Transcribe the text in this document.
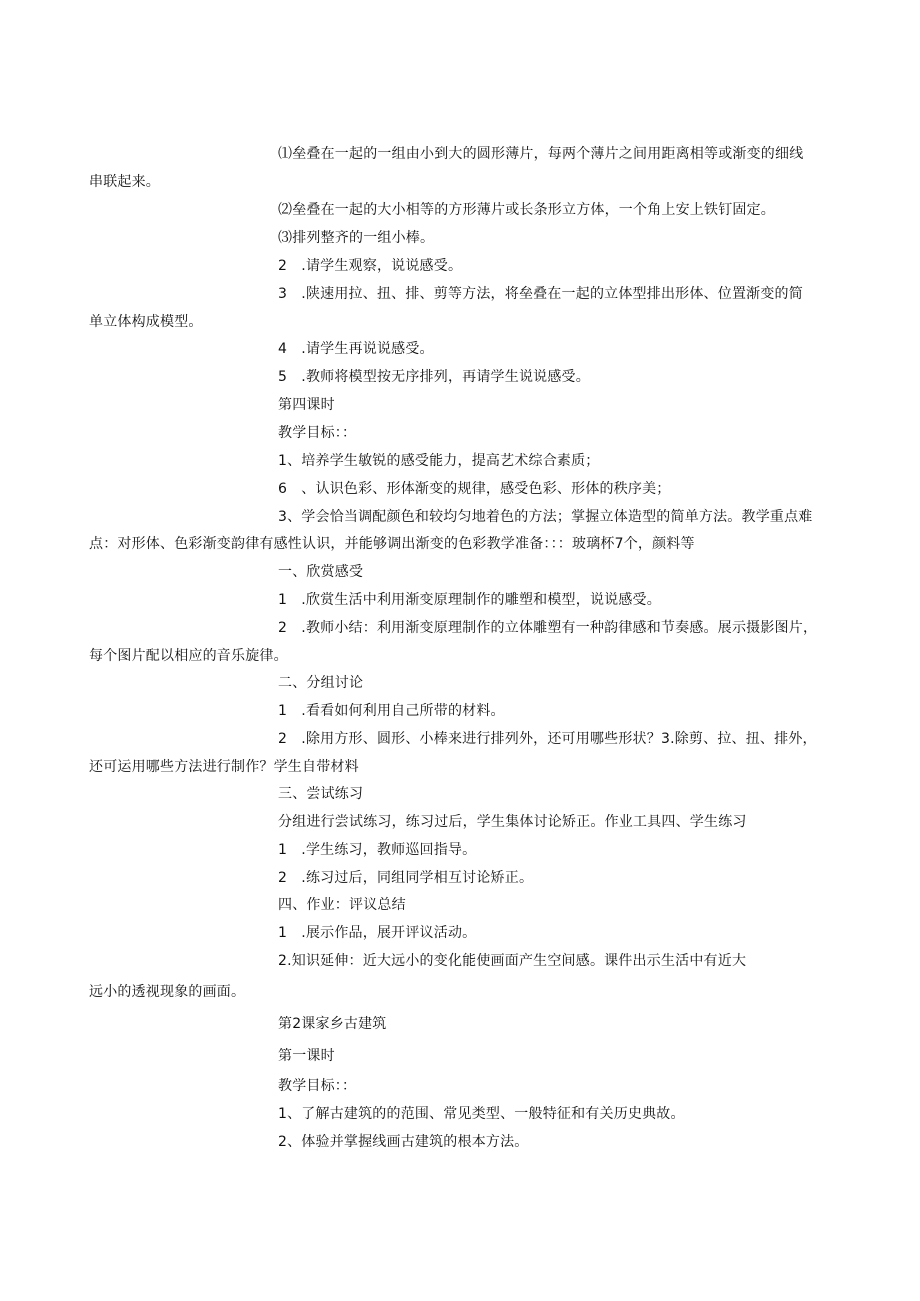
⑴垒叠在一起的一组由小到大的圆形薄片，每两个薄片之间用距离相等或渐变的细线
串联起来。
⑵垒叠在一起的大小相等的方形薄片或长条形立方体，一个角上安上铁钉固定。
⑶排列整齐的一组小棒。
2　.请学生观察，说说感受。
3　.陕速用拉、扭、排、剪等方法，将垒叠在一起的立体型排出形体、位置渐变的简
单立体构成模型。
4　.请学生再说说感受。
5　.教师将模型按无序排列，再请学生说说感受。
第四课时
教学目标：：
1、培养学生敏锐的感受能力，提高艺术综合素质；
6　、认识色彩、形体渐变的规律，感受色彩、形体的秩序美；
3、学会恰当调配颜色和较均匀地着色的方法；掌握立体造型的简单方法。教学重点难
点：对形体、色彩渐变韵律有感性认识，并能够调出渐变的色彩教学准备：：：玻璃杯7个，颜料等
一、欣赏感受
1　.欣赏生活中利用渐变原理制作的雕塑和模型，说说感受。
2　.教师小结：利用渐变原理制作的立体雕塑有一种韵律感和节奏感。展示摄影图片，
每个图片配以相应的音乐旋律。
二、分组讨论
1　.看看如何利用自己所带的材料。
2　.除用方形、圆形、小棒来进行排列外，还可用哪些形状？3.除剪、拉、扭、排外，
还可运用哪些方法进行制作？学生自带材料
三、尝试练习
分组进行尝试练习，练习过后，学生集体讨论矫正。作业工具四、学生练习
1　.学生练习，教师巡回指导。
2　.练习过后，同组同学相互讨论矫正。
四、作业：评议总结
1　.展示作品，展开评议活动。
2.知识延伸：近大远小的变化能使画面产生空间感。课件出示生活中有近大
远小的透视现象的画面。
第2课家乡古建筑
第一课时
教学目标：：
1、了解古建筑的的范围、常见类型、一般特征和有关历史典故。
2、体验并掌握线画古建筑的根本方法。
